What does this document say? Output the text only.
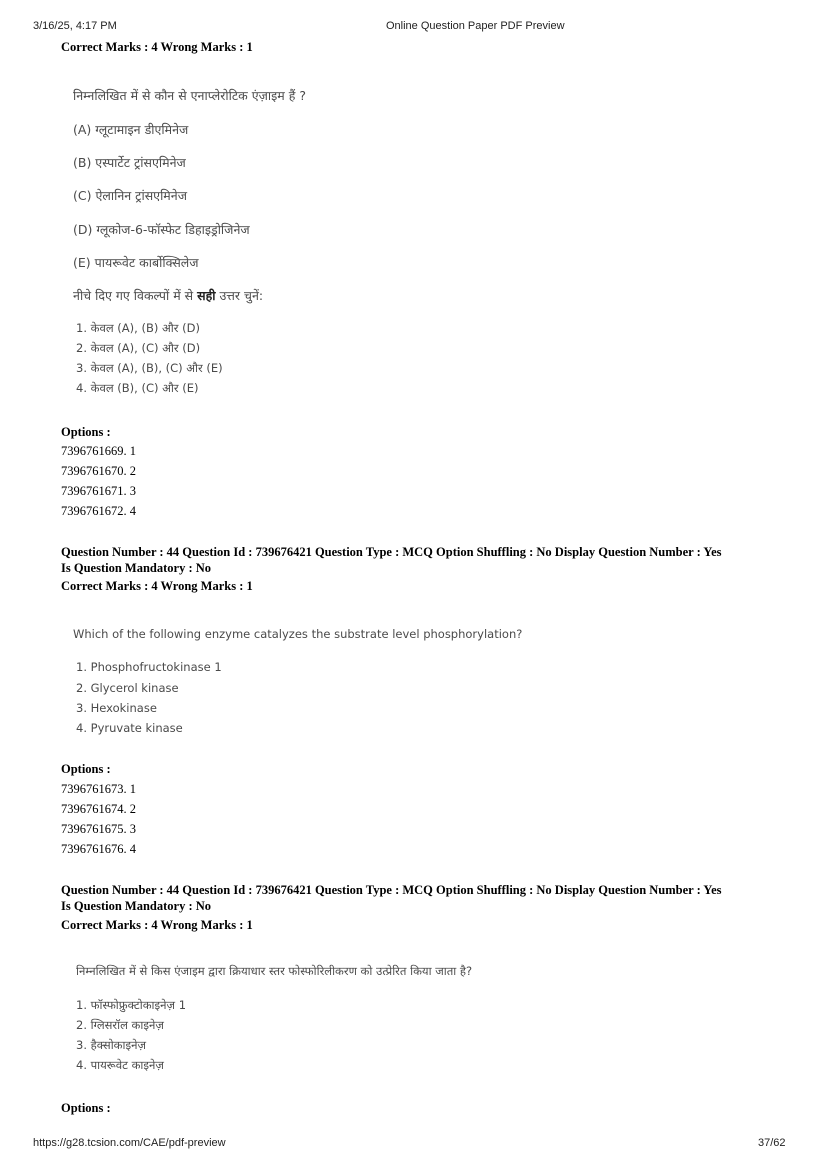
3/16/25, 4:17 PM	Online Question Paper PDF Preview
https://g28.tcsion.com/CAE/pdf-preview	37/62
Correct Marks : 4 Wrong Marks : 1
निम्नलिखित में से कौन से एनाप्लेरोटिक एंज़ाइम हैं ?
(A) ग्लूटामाइन डीएमिनेज
(B) एस्पार्टेट ट्रांसएमिनेज
(C) ऐलानिन ट्रांसएमिनेज
(D) ग्लूकोज-6-फॉस्फेट डिहाइड्रोजिनेज
(E) पायरूवेट कार्बोक्सिलेज
नीचे दिए गए विकल्पों में से सही उत्तर चुनें:
1. केवल (A), (B) और (D)
2. केवल (A), (C) और (D)
3. केवल (A), (B), (C) और (E)
4. केवल (B), (C) और (E)
Options :
7396761669. 1
7396761670. 2
7396761671. 3
7396761672. 4
Question Number : 44 Question Id : 739676421 Question Type : MCQ Option Shuffling : No Display Question Number : Yes
Is Question Mandatory : No
Correct Marks : 4 Wrong Marks : 1
Which of the following enzyme catalyzes the substrate level phosphorylation?
1. Phosphofructokinase 1
2. Glycerol kinase
3. Hexokinase
4. Pyruvate kinase
Options :
7396761673. 1
7396761674. 2
7396761675. 3
7396761676. 4
Question Number : 44 Question Id : 739676421 Question Type : MCQ Option Shuffling : No Display Question Number : Yes
Is Question Mandatory : No
Correct Marks : 4 Wrong Marks : 1
निम्नलिखित में से किस एंजाइम द्वारा क्रियाधार स्तर फोस्फोरिलीकरण को उत्प्रेरित किया जाता है?
1. फॉस्फोफ्रुक्टोकाइनेज़ 1
2. ग्लिसरॉल काइनेज़
3. हैक्सोकाइनेज़
4. पायरूवेट काइनेज़
Options :
